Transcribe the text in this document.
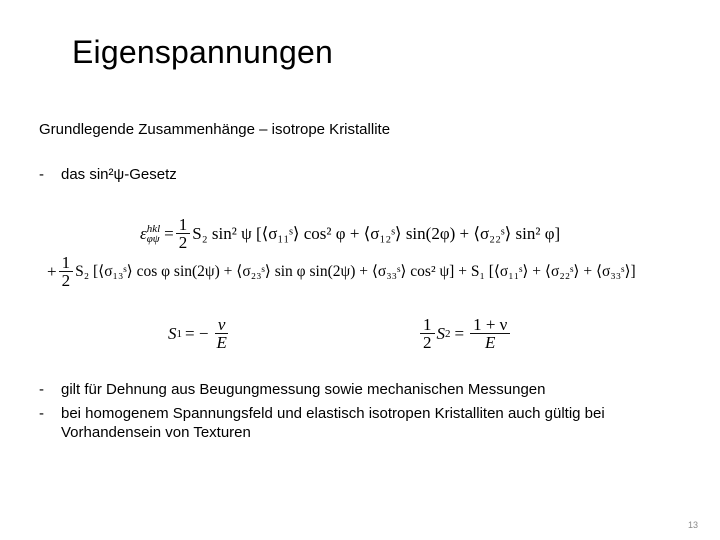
Eigenspannungen
Grundlegende Zusammenhänge – isotrope Kristallite
- das sin²ψ-Gesetz
ε hkl
$\varphi\psi = \frac{1}{2} S_2$ sin² ψ [⟨σ₁₁ˢ⟩ cos² φ + ⟨σ₁₂ˢ⟩ sin(2φ) + ⟨σ₂₂ˢ⟩ sin² φ]
+ $\frac{1}{2} S_2$ [⟨σ₁₃ˢ⟩ cos φ sin(2ψ) + ⟨σ₂₃ˢ⟩ sin φ sin(2ψ) + ⟨σ₃₃ˢ⟩ cos² ψ] + S₁ [⟨σ₁₁ˢ⟩ + ⟨σ₂₂ˢ⟩ + ⟨σ₃₃ˢ⟩]
S 1 = − $\frac{\nu}{E}$	$\frac{1}{2}$ S $2 = \frac{1 + \nu}{E}$
- gilt für Dehnung aus Beugungmessung sowie mechanischen Messungen
- bei homogenem Spannungsfeld und elastisch isotropen Kristalliten auch gültig bei
Vorhandensein von Texturen
13
